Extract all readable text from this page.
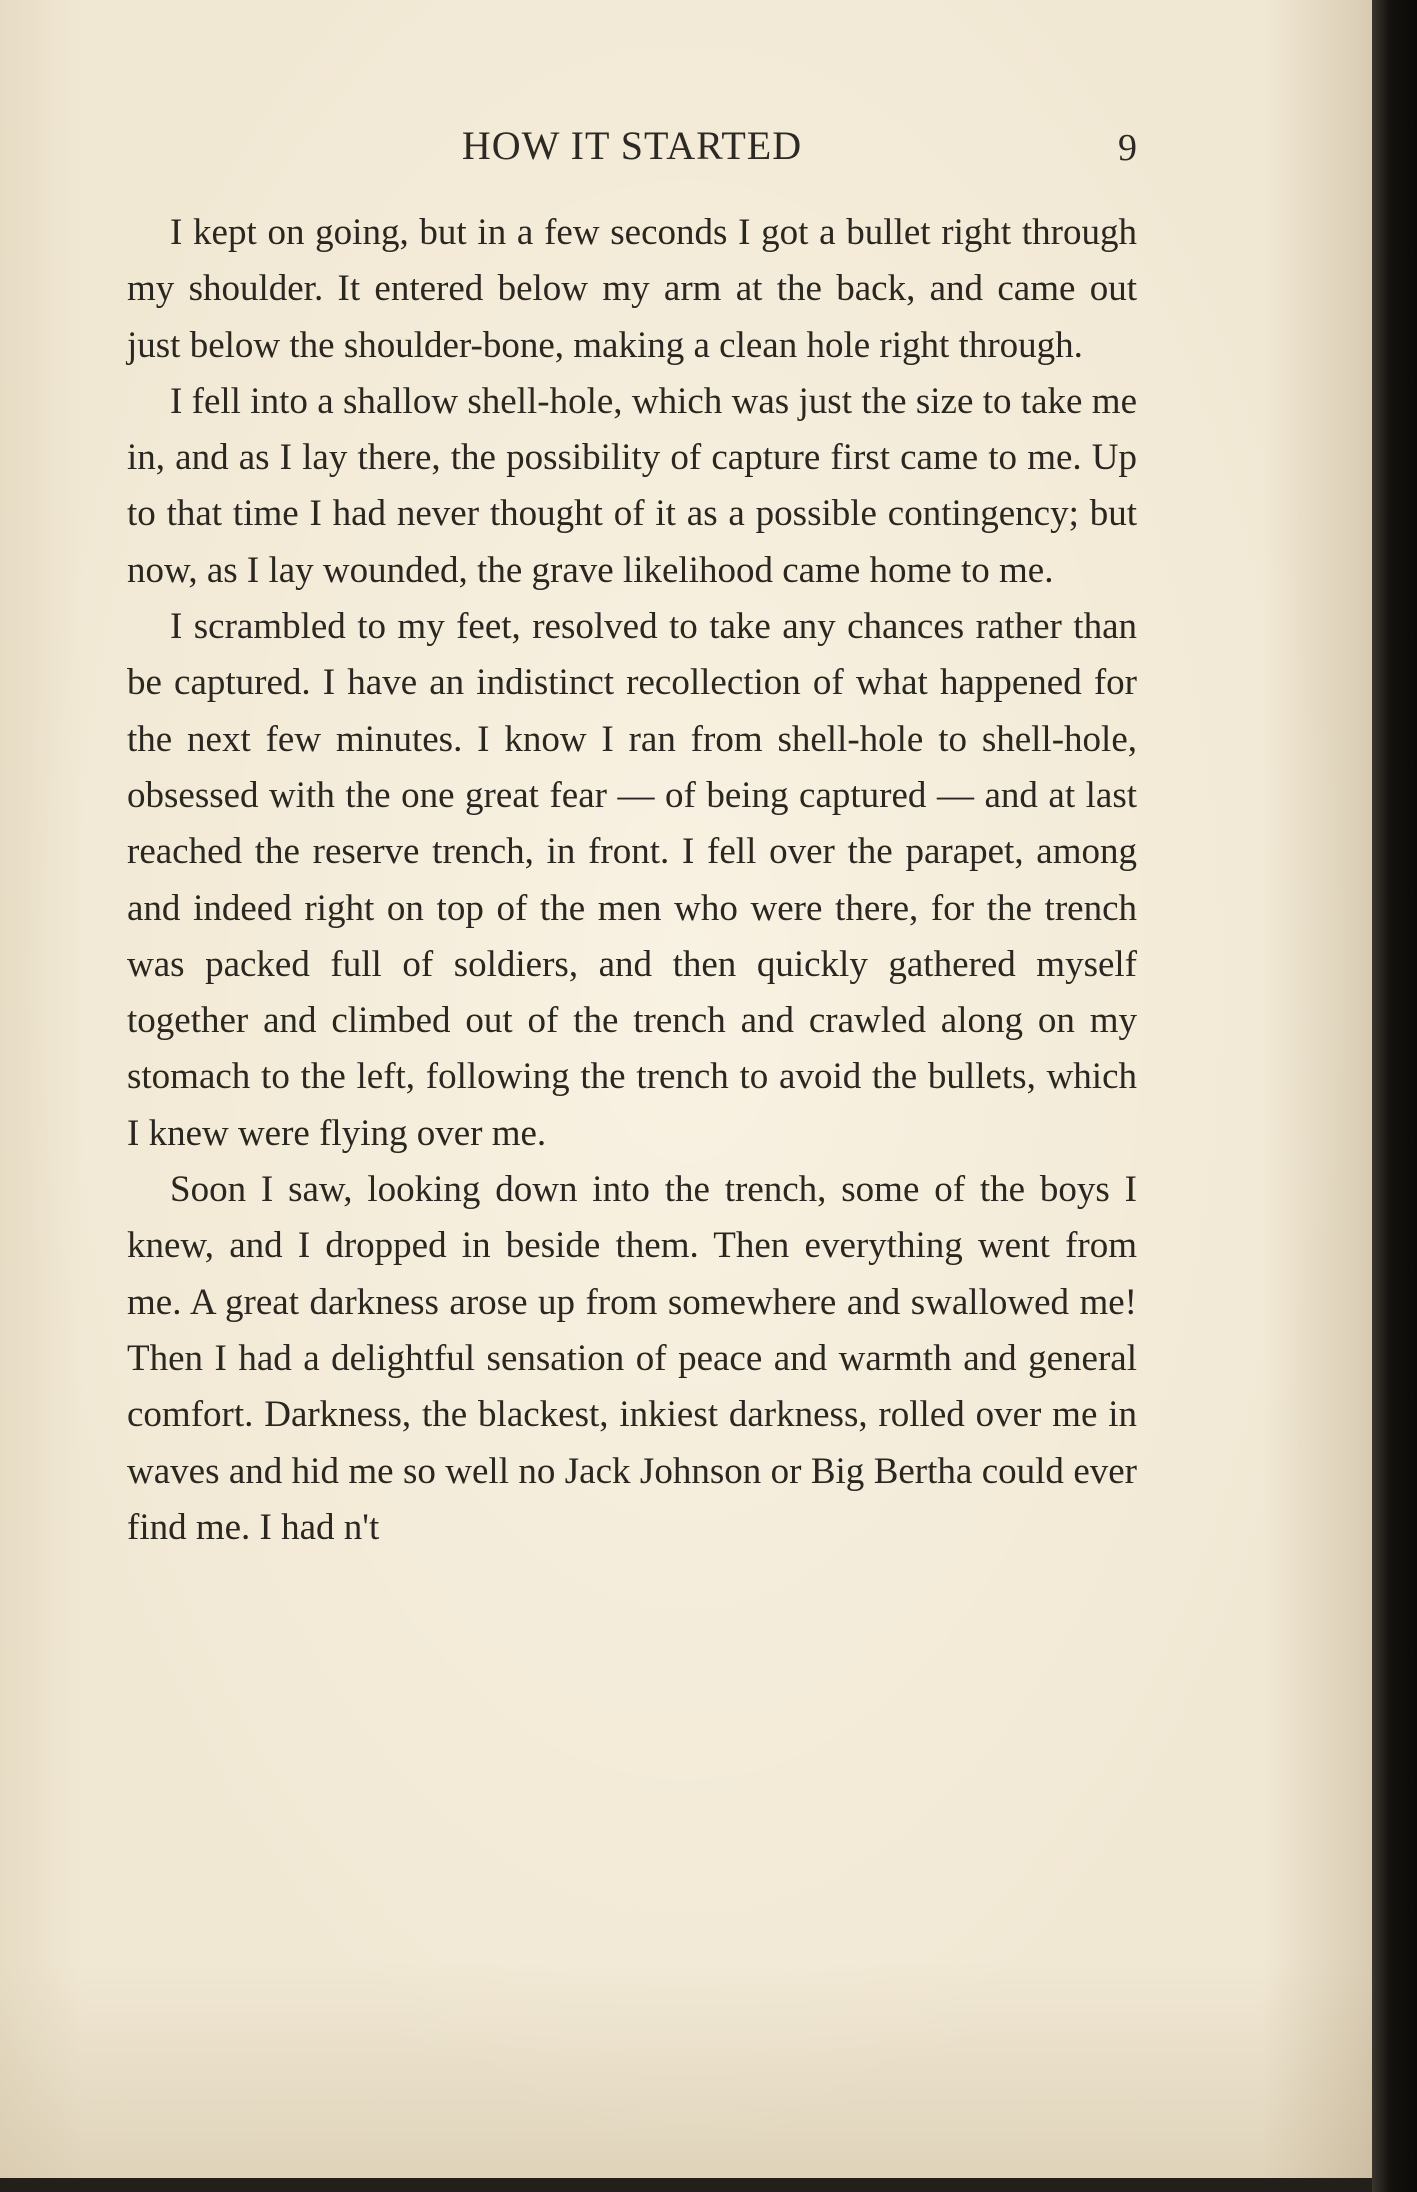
HOW IT STARTED	9

I kept on going, but in a few seconds I got a bullet right through my shoulder. It entered below my arm at the back, and came out just below the shoulder-bone, making a clean hole right through.

I fell into a shallow shell-hole, which was just the size to take me in, and as I lay there, the possibility of capture first came to me. Up to that time I had never thought of it as a possible contingency; but now, as I lay wounded, the grave likelihood came home to me.

I scrambled to my feet, resolved to take any chances rather than be captured. I have an indistinct recollection of what happened for the next few minutes. I know I ran from shell-hole to shell-hole, obsessed with the one great fear — of being captured — and at last reached the reserve trench, in front. I fell over the parapet, among and indeed right on top of the men who were there, for the trench was packed full of soldiers, and then quickly gathered myself together and climbed out of the trench and crawled along on my stomach to the left, following the trench to avoid the bullets, which I knew were flying over me.

Soon I saw, looking down into the trench, some of the boys I knew, and I dropped in beside them. Then everything went from me. A great darkness arose up from somewhere and swallowed me! Then I had a delightful sensation of peace and warmth and general comfort. Darkness, the blackest, inkiest darkness, rolled over me in waves and hid me so well no Jack Johnson or Big Bertha could ever find me. I had n't
